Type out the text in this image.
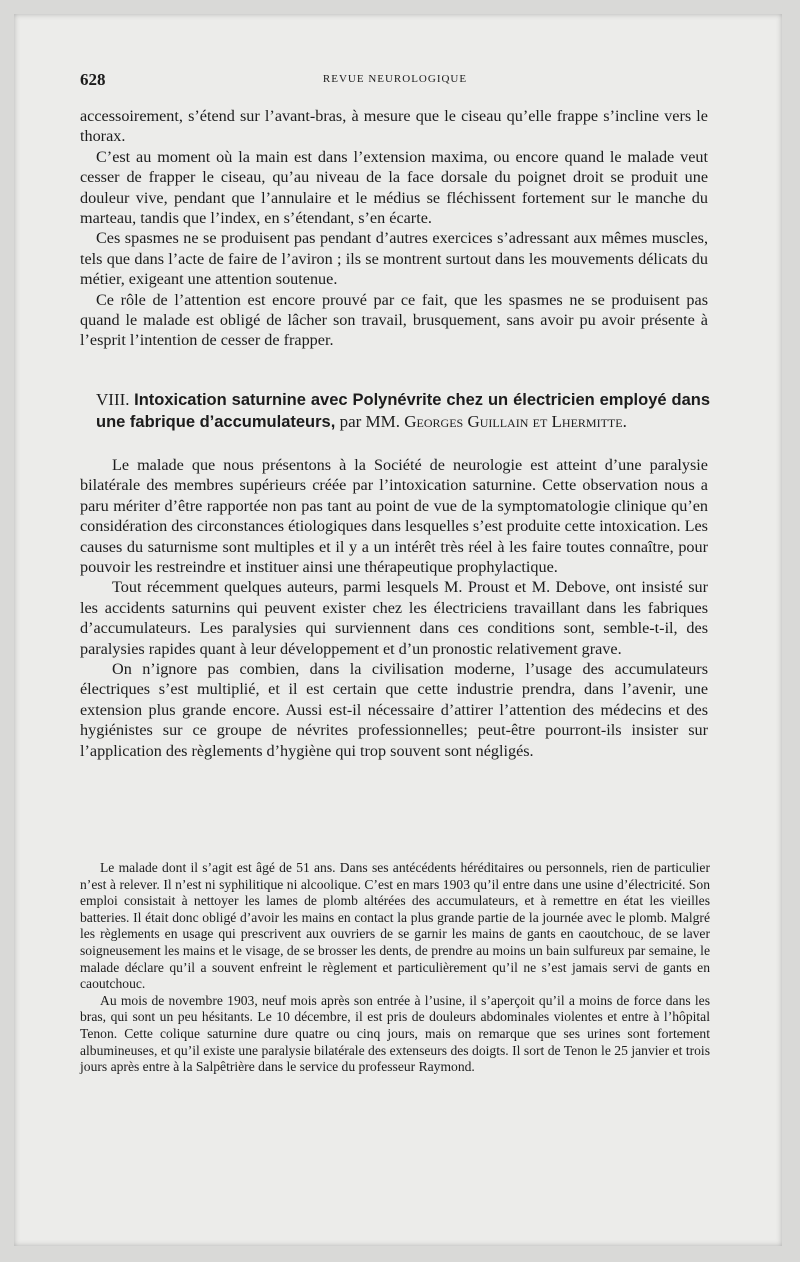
628	REVUE NEUROLOGIQUE

accessoirement, s’étend sur l’avant-bras, à mesure que le ciseau qu’elle frappe s’incline vers le thorax.

C’est au moment où la main est dans l’extension maxima, ou encore quand le malade veut cesser de frapper le ciseau, qu’au niveau de la face dorsale du poignet droit se produit une douleur vive, pendant que l’annulaire et le médius se fléchissent fortement sur le manche du marteau, tandis que l’index, en s’étendant, s’en écarte.

Ces spasmes ne se produisent pas pendant d’autres exercices s’adressant aux mêmes muscles, tels que dans l’acte de faire de l’aviron ; ils se montrent surtout dans les mouvements délicats du métier, exigeant une attention soutenue.

Ce rôle de l’attention est encore prouvé par ce fait, que les spasmes ne se produisent pas quand le malade est obligé de lâcher son travail, brusquement, sans avoir pu avoir présente à l’esprit l’intention de cesser de frapper.

VIII. Intoxication saturnine avec Polynévrite chez un électricien employé dans une fabrique d’accumulateurs, par MM. Georges Guillain et Lhermitte.

Le malade que nous présentons à la Société de neurologie est atteint d’une paralysie bilatérale des membres supérieurs créée par l’intoxication saturnine. Cette observation nous a paru mériter d’être rapportée non pas tant au point de vue de la symptomatologie clinique qu’en considération des circonstances étiologiques dans lesquelles s’est produite cette intoxication. Les causes du saturnisme sont multiples et il y a un intérêt très réel à les faire toutes connaître, pour pouvoir les restreindre et instituer ainsi une thérapeutique prophylactique.

Tout récemment quelques auteurs, parmi lesquels M. Proust et M. Debove, ont insisté sur les accidents saturnins qui peuvent exister chez les électriciens travaillant dans les fabriques d’accumulateurs. Les paralysies qui surviennent dans ces conditions sont, semble-t-il, des paralysies rapides quant à leur développement et d’un pronostic relativement grave.

On n’ignore pas combien, dans la civilisation moderne, l’usage des accumulateurs électriques s’est multiplié, et il est certain que cette industrie prendra, dans l’avenir, une extension plus grande encore. Aussi est-il nécessaire d’attirer l’attention des médecins et des hygiénistes sur ce groupe de névrites professionnelles; peut-être pourront-ils insister sur l’application des règlements d’hygiène qui trop souvent sont négligés.

Le malade dont il s’agit est âgé de 51 ans. Dans ses antécédents héréditaires ou personnels, rien de particulier n’est à relever. Il n’est ni syphilitique ni alcoolique. C’est en mars 1903 qu’il entre dans une usine d’électricité. Son emploi consistait à nettoyer les lames de plomb altérées des accumulateurs, et à remettre en état les vieilles batteries. Il était donc obligé d’avoir les mains en contact la plus grande partie de la journée avec le plomb. Malgré les règlements en usage qui prescrivent aux ouvriers de se garnir les mains de gants en caoutchouc, de se laver soigneusement les mains et le visage, de se brosser les dents, de prendre au moins un bain sulfureux par semaine, le malade déclare qu’il a souvent enfreint le règlement et particulièrement qu’il ne s’est jamais servi de gants en caoutchouc.

Au mois de novembre 1903, neuf mois après son entrée à l’usine, il s’aperçoit qu’il a moins de force dans les bras, qui sont un peu hésitants. Le 10 décembre, il est pris de douleurs abdominales violentes et entre à l’hôpital Tenon. Cette colique saturnine dure quatre ou cinq jours, mais on remarque que ses urines sont fortement albumineuses, et qu’il existe une paralysie bilatérale des extenseurs des doigts. Il sort de Tenon le 25 janvier et trois jours après entre à la Salpêtrière dans le service du professeur Raymond.
